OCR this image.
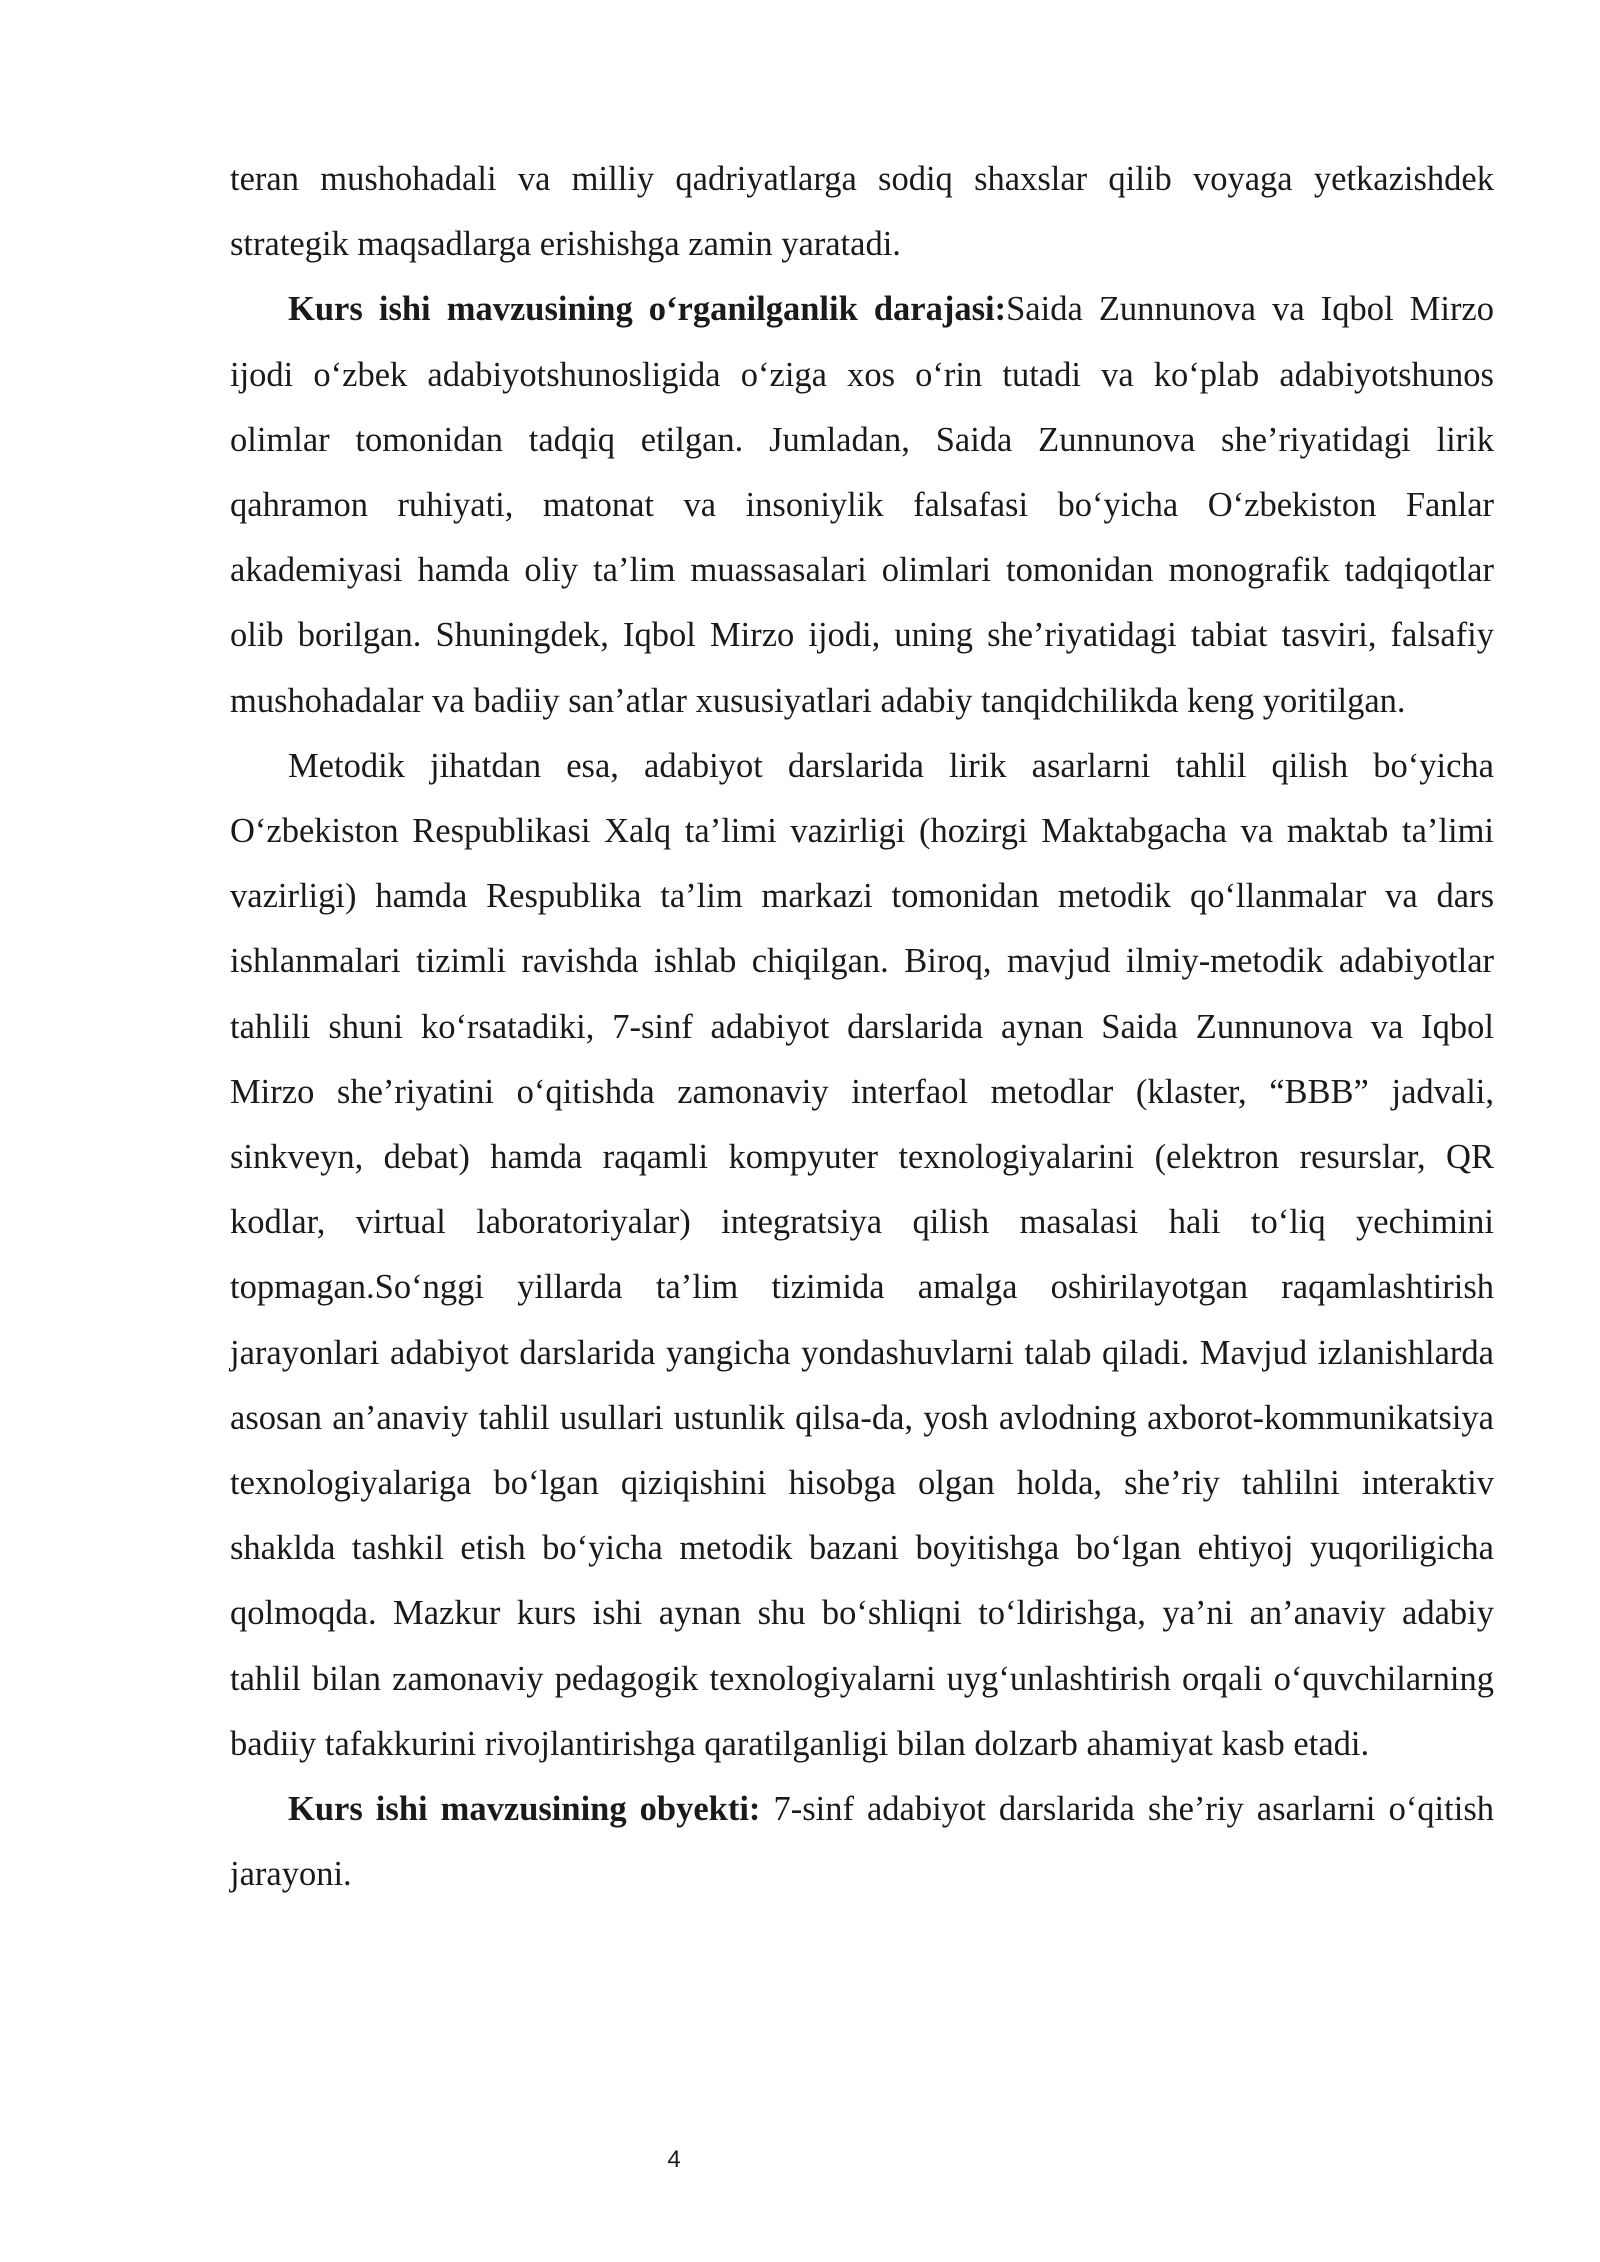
teran mushohadali va milliy qadriyatlarga sodiq shaxslar qilib voyaga yetkazishdek strategik maqsadlarga erishishga zamin yaratadi.

Kurs ishi mavzusining o‘rganilganlik darajasi:Saida Zunnunova va Iqbol Mirzo ijodi o‘zbek adabiyotshunosligida o‘ziga xos o‘rin tutadi va ko‘plab adabiyotshunos olimlar tomonidan tadqiq etilgan. Jumladan, Saida Zunnunova she’riyatidagi lirik qahramon ruhiyati, matonat va insoniylik falsafasi bo‘yicha O‘zbekiston Fanlar akademiyasi hamda oliy ta’lim muassasalari olimlari tomonidan monografik tadqiqotlar olib borilgan. Shuningdek, Iqbol Mirzo ijodi, uning she’riyatidagi tabiat tasviri, falsafiy mushohadalar va badiiy san’atlar xususiyatlari adabiy tanqidchilikda keng yoritilgan.

Metodik jihatdan esa, adabiyot darslarida lirik asarlarni tahlil qilish bo‘yicha O‘zbekiston Respublikasi Xalq ta’limi vazirligi (hozirgi Maktabgacha va maktab ta’limi vazirligi) hamda Respublika ta’lim markazi tomonidan metodik qo‘llanmalar va dars ishlanmalari tizimli ravishda ishlab chiqilgan. Biroq, mavjud ilmiy-metodik adabiyotlar tahlili shuni ko‘rsatadiki, 7-sinf adabiyot darslarida aynan Saida Zunnunova va Iqbol Mirzo she’riyatini o‘qitishda zamonaviy interfaol metodlar (klaster, “BBB” jadvali, sinkveyn, debat) hamda raqamli kompyuter texnologiyalarini (elektron resurslar, QR kodlar, virtual laboratoriyalar) integratsiya qilish masalasi hali to‘liq yechimini topmagan.So‘nggi yillarda ta’lim tizimida amalga oshirilayotgan raqamlashtirish jarayonlari adabiyot darslarida yangicha yondashuvlarni talab qiladi. Mavjud izlanishlarda asosan an’anaviy tahlil usullari ustunlik qilsa-da, yosh avlodning axborot-kommunikatsiya texnologiyalariga bo‘lgan qiziqishini hisobga olgan holda, she’riy tahlilni interaktiv shaklda tashkil etish bo‘yicha metodik bazani boyitishga bo‘lgan ehtiyoj yuqoriligicha qolmoqda. Mazkur kurs ishi aynan shu bo‘shliqni to‘ldirishga, ya’ni an’anaviy adabiy tahlil bilan zamonaviy pedagogik texnologiyalarni uyg‘unlashtirish orqali o‘quvchilarning badiiy tafakkurini rivojlantirishga qaratilganligi bilan dolzarb ahamiyat kasb etadi.

Kurs ishi mavzusining obyekti: 7-sinf adabiyot darslarida she’riy asarlarni o‘qitish jarayoni.

4
